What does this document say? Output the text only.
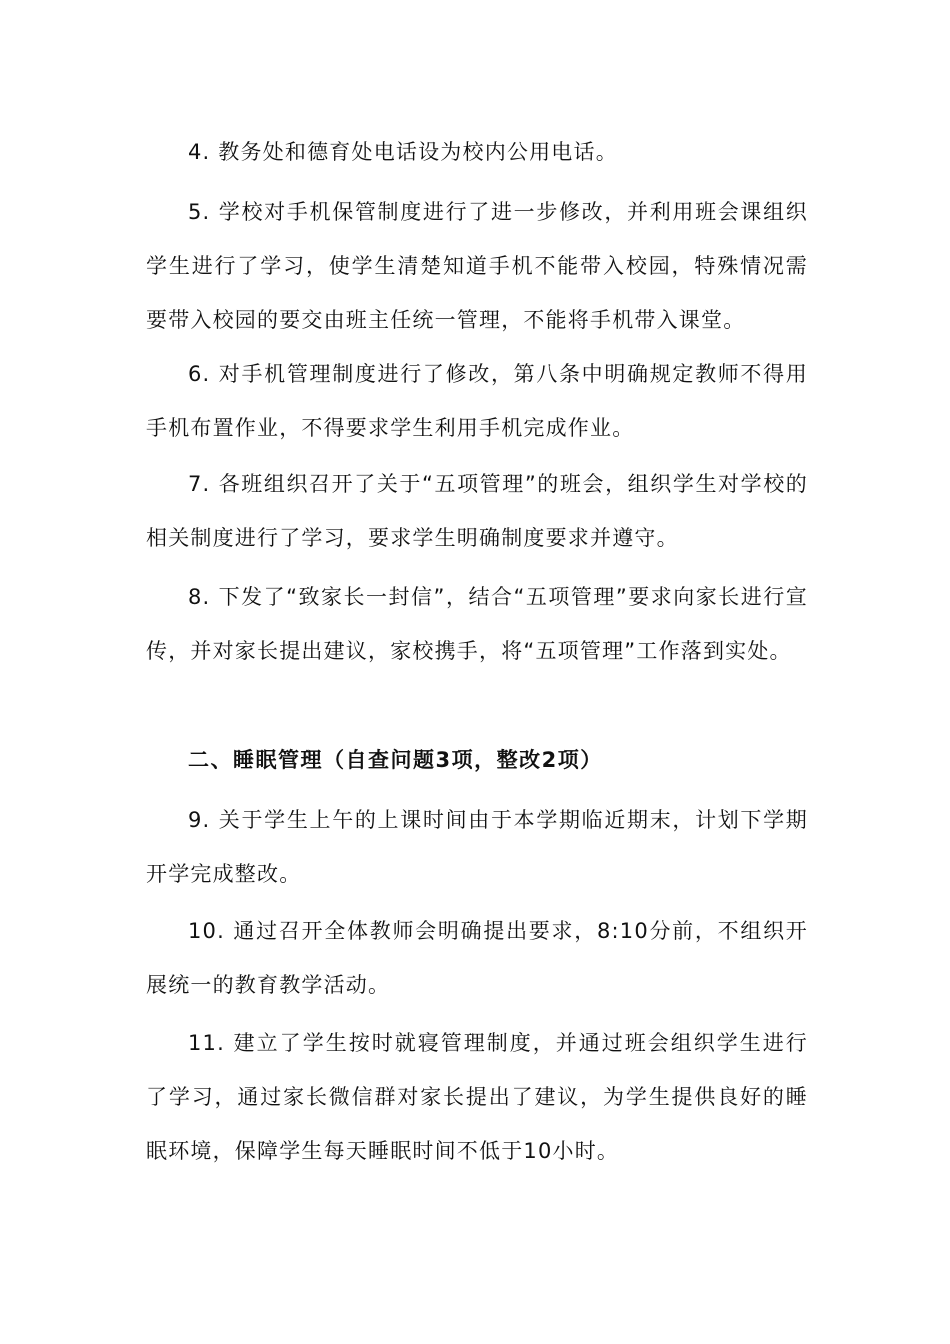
4. 教务处和德育处电话设为校内公用电话。

5. 学校对手机保管制度进行了进一步修改，并利用班会课组织学生进行了学习，使学生清楚知道手机不能带入校园，特殊情况需要带入校园的要交由班主任统一管理，不能将手机带入课堂。

6. 对手机管理制度进行了修改，第八条中明确规定教师不得用手机布置作业，不得要求学生利用手机完成作业。

7. 各班组织召开了关于“五项管理”的班会，组织学生对学校的相关制度进行了学习，要求学生明确制度要求并遵守。

8. 下发了“致家长一封信”，结合“五项管理”要求向家长进行宣传，并对家长提出建议，家校携手，将“五项管理”工作落到实处。

二、睡眠管理（自查问题3项，整改2项）

9. 关于学生上午的上课时间由于本学期临近期末，计划下学期开学完成整改。

10. 通过召开全体教师会明确提出要求，8:10分前，不组织开展统一的教育教学活动。

11. 建立了学生按时就寝管理制度，并通过班会组织学生进行了学习，通过家长微信群对家长提出了建议，为学生提供良好的睡眠环境，保障学生每天睡眠时间不低于10小时。
